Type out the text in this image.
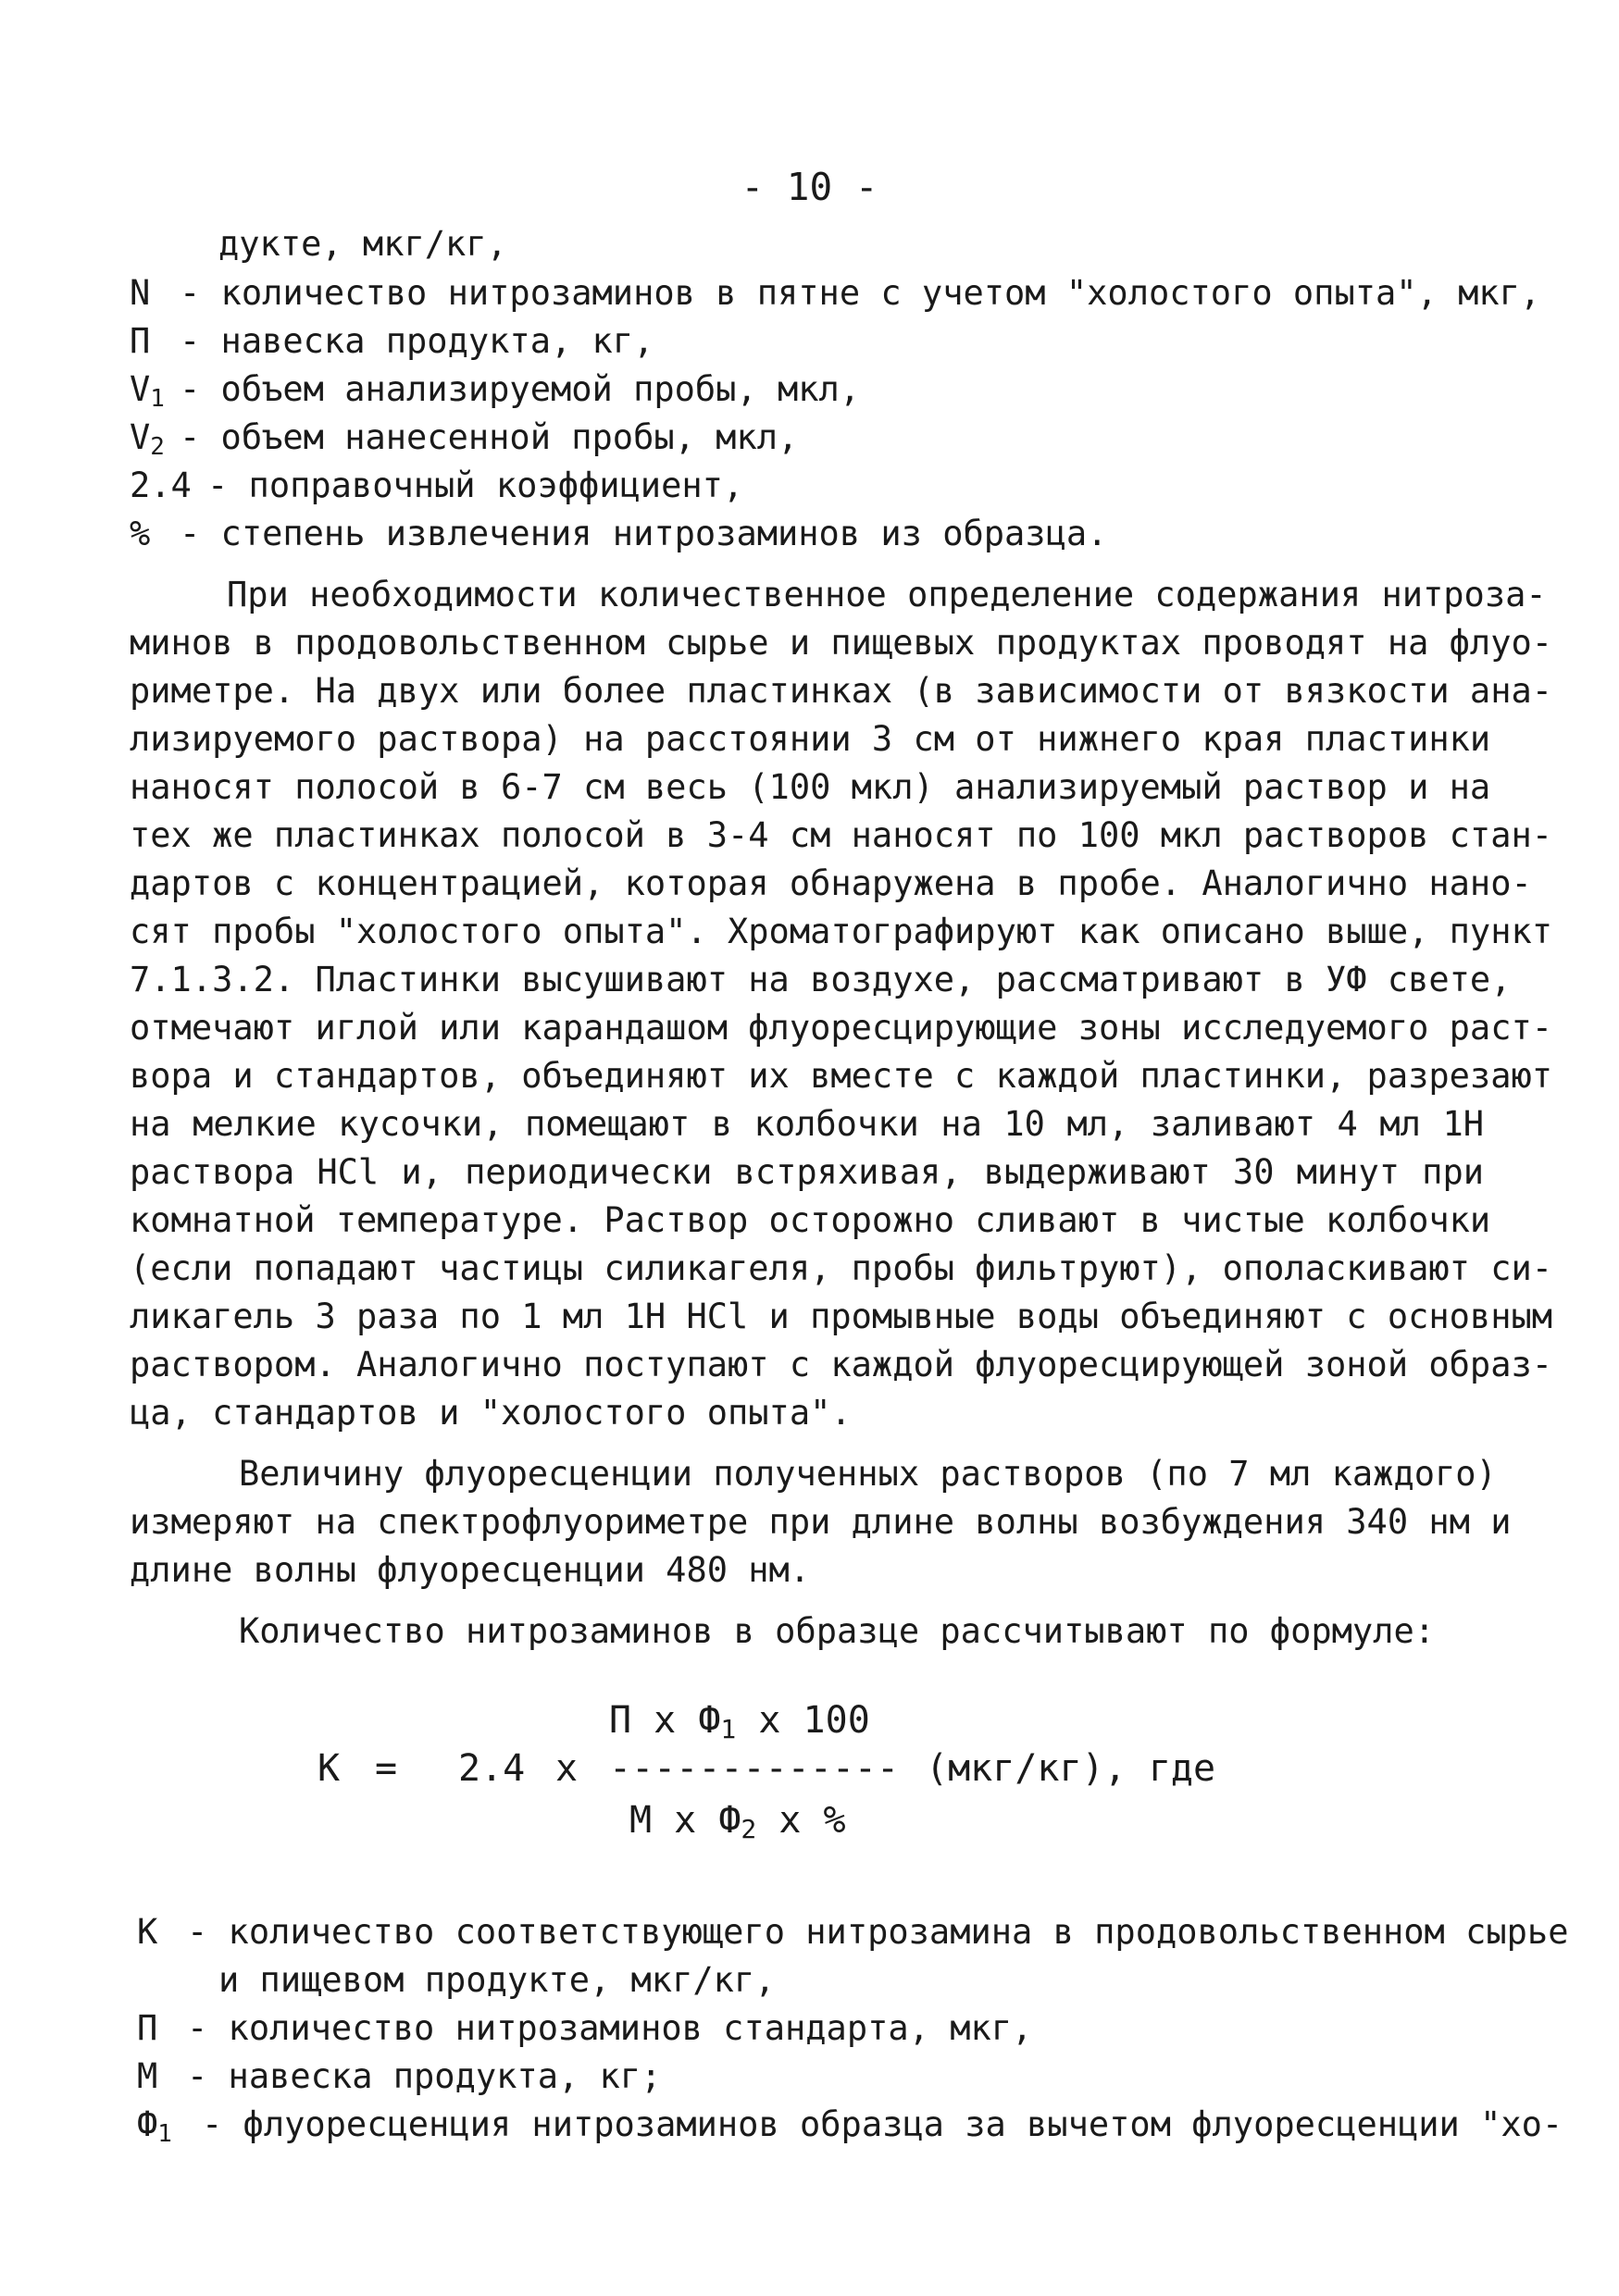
- 10 -
дукте, мкг/кг,
N - количество нитрозаминов в пятне с учетом "холостого опыта", мкг,
П - навеска продукта, кг,
$V_1$ - объем анализируемой пробы, мкл,
$V_2$ - объем нанесенной пробы, мкл,
2.4 - поправочный коэффициент,
% - степень извлечения нитрозаминов из образца.
При необходимости количественное определение содержания нитроза-
минов в продовольственном сырье и пищевых продуктах проводят на флуо-
риметре. На двух или более пластинках (в зависимости от вязкости ана-
лизируемого раствора) на расстоянии 3 см от нижнего края пластинки
наносят полосой в 6-7 см весь (100 мкл) анализируемый раствор и на
тех же пластинках полосой в 3-4 см наносят по 100 мкл растворов стан-
дартов с концентрацией, которая обнаружена в пробе. Аналогично нано-
сят пробы "холостого опыта". Хроматографируют как описано выше, пункт
7.1.3.2. Пластинки высушивают на воздухе, рассматривают в УФ свете,
отмечают иглой или карандашом флуоресцирующие зоны исследуемого раст-
вора и стандартов, объединяют их вместе с каждой пластинки, разрезают
на мелкие кусочки, помещают в колбочки на 10 мл, заливают 4 мл 1Н
раствора HCl и, периодически встряхивая, выдерживают 30 минут при
комнатной температуре. Раствор осторожно сливают в чистые колбочки
(если попадают частицы силикагеля, пробы фильтруют), ополаскивают си-
ликагель 3 раза по 1 мл 1Н HCl и промывные воды объединяют с основным
раствором. Аналогично поступают с каждой флуоресцирующей зоной образ-
ца, стандартов и "холостого опыта".
Величину флуоресценции полученных растворов (по 7 мл каждого)
измеряют на спектрофлуориметре при длине волны возбуждения 340 нм и
длине волны флуоресценции 480 нм.
Количество нитрозаминов в образце рассчитывают по формуле:
П х $Ф_1$ х 100
К = 2.4 х ------------- (мкг/кг), где
М х $Ф_2$ х %
К - количество соответствующего нитрозамина в продовольственном сырье
и пищевом продукте, мкг/кг,
П - количество нитрозаминов стандарта, мкг,
М - навеска продукта, кг;
$Ф_1$ - флуоресценция нитрозаминов образца за вычетом флуоресценции "хо-
